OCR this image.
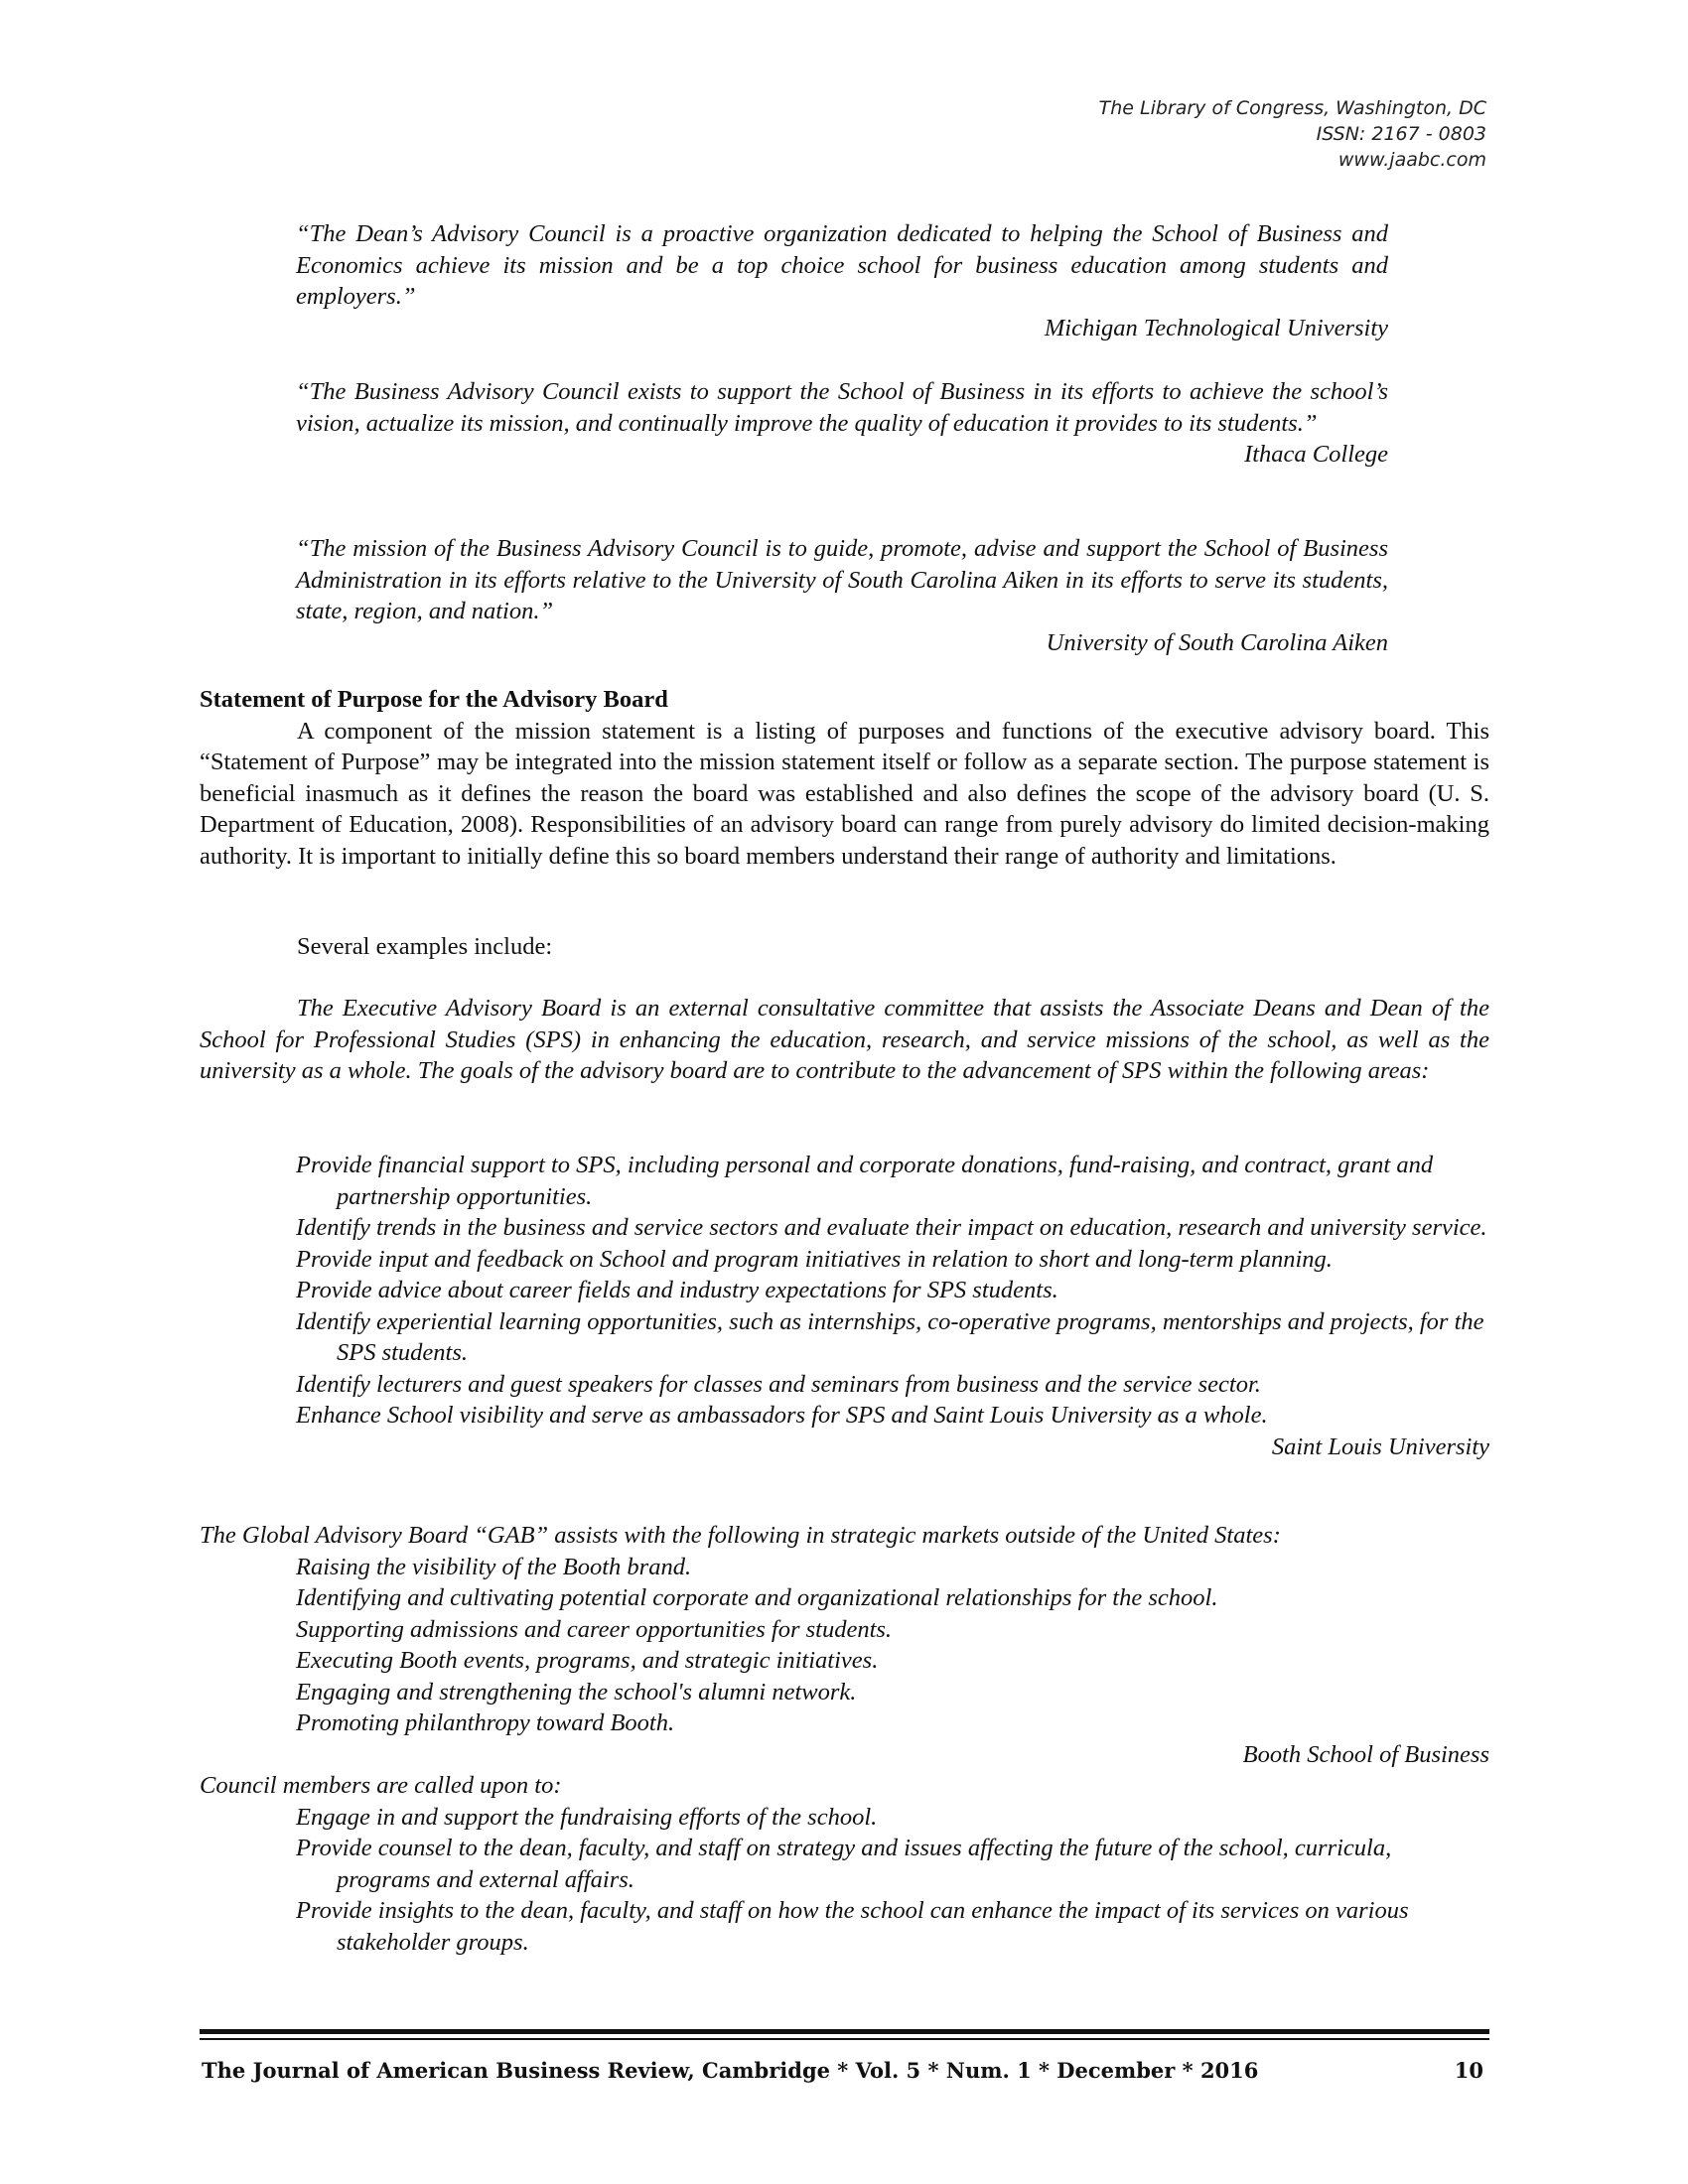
The Library of Congress, Washington, DC
ISSN: 2167 - 0803
www.jaabc.com

“The Dean’s Advisory Council is a proactive organization dedicated to helping the School of Business and Economics achieve its mission and be a top choice school for business education among students and employers.”

Michigan Technological University

“The Business Advisory Council exists to support the School of Business in its efforts to achieve the school’s vision, actualize its mission, and continually improve the quality of education it provides to its students.”

Ithaca College

“The mission of the Business Advisory Council is to guide, promote, advise and support the School of Business Administration in its efforts relative to the University of South Carolina Aiken in its efforts to serve its students, state, region, and nation.”

University of South Carolina Aiken
Statement of Purpose for the Advisory Board

A component of the mission statement is a listing of purposes and functions of the executive advisory board. This “Statement of Purpose” may be integrated into the mission statement itself or follow as a separate section. The purpose statement is beneficial inasmuch as it defines the reason the board was established and also defines the scope of the advisory board (U. S. Department of Education, 2008). Responsibilities of an advisory board can range from purely advisory do limited decision-making authority. It is important to initially define this so board members understand their range of authority and limitations.

Several examples include:

The Executive Advisory Board is an external consultative committee that assists the Associate Deans and Dean of the School for Professional Studies (SPS) in enhancing the education, research, and service missions of the school, as well as the university as a whole. The goals of the advisory board are to contribute to the advancement of SPS within the following areas:

Provide financial support to SPS, including personal and corporate donations, fund-raising, and contract, grant and partnership opportunities.
Identify trends in the business and service sectors and evaluate their impact on education, research and university service.
Provide input and feedback on School and program initiatives in relation to short and long-term planning.
Provide advice about career fields and industry expectations for SPS students.
Identify experiential learning opportunities, such as internships, co-operative programs, mentorships and projects, for the SPS students.
Identify lecturers and guest speakers for classes and seminars from business and the service sector.
Enhance School visibility and serve as ambassadors for SPS and Saint Louis University as a whole.
Saint Louis University
The Global Advisory Board “GAB” assists with the following in strategic markets outside of the United States:
Raising the visibility of the Booth brand.
Identifying and cultivating potential corporate and organizational relationships for the school.
Supporting admissions and career opportunities for students.
Executing Booth events, programs, and strategic initiatives.
Engaging and strengthening the school's alumni network.
Promoting philanthropy toward Booth.
Booth School of Business
Council members are called upon to:
Engage in and support the fundraising efforts of the school.
Provide counsel to the dean, faculty, and staff on strategy and issues affecting the future of the school, curricula, programs and external affairs.
Provide insights to the dean, faculty, and staff on how the school can enhance the impact of its services on various stakeholder groups.
The Journal of American Business Review, Cambridge * Vol. 5 * Num. 1 * December * 2016	10
